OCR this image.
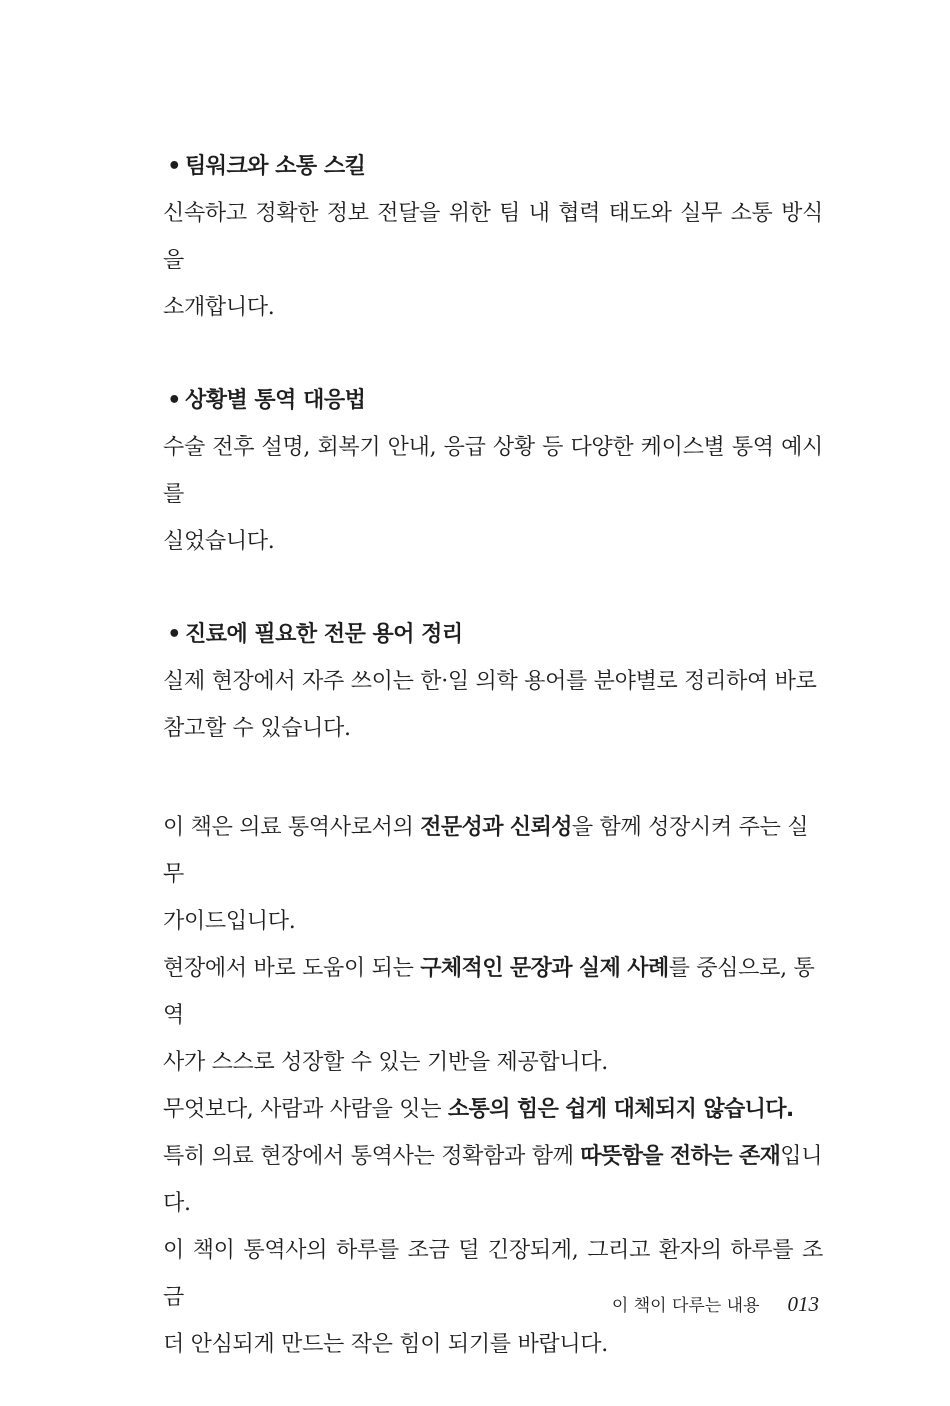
• 팀워크와 소통 스킬

신속하고 정확한 정보 전달을 위한 팀 내 협력 태도와 실무 소통 방식을

소개합니다.

• 상황별 통역 대응법

수술 전후 설명, 회복기 안내, 응급 상황 등 다양한 케이스별 통역 예시를

실었습니다.

• 진료에 필요한 전문 용어 정리

실제 현장에서 자주 쓰이는 한·일 의학 용어를 분야별로 정리하여 바로

참고할 수 있습니다.

이 책은 의료 통역사로서의 전문성과 신뢰성을 함께 성장시켜 주는 실무

가이드입니다.

현장에서 바로 도움이 되는 구체적인 문장과 실제 사례를 중심으로, 통역

사가 스스로 성장할 수 있는 기반을 제공합니다.

무엇보다, 사람과 사람을 잇는 소통의 힘은 쉽게 대체되지 않습니다.

특히 의료 현장에서 통역사는 정확함과 함께 따뜻함을 전하는 존재입니다.

이 책이 통역사의 하루를 조금 덜 긴장되게, 그리고 환자의 하루를 조금

더 안심되게 만드는 작은 힘이 되기를 바랍니다.

이 책이 다루는 내용 013
